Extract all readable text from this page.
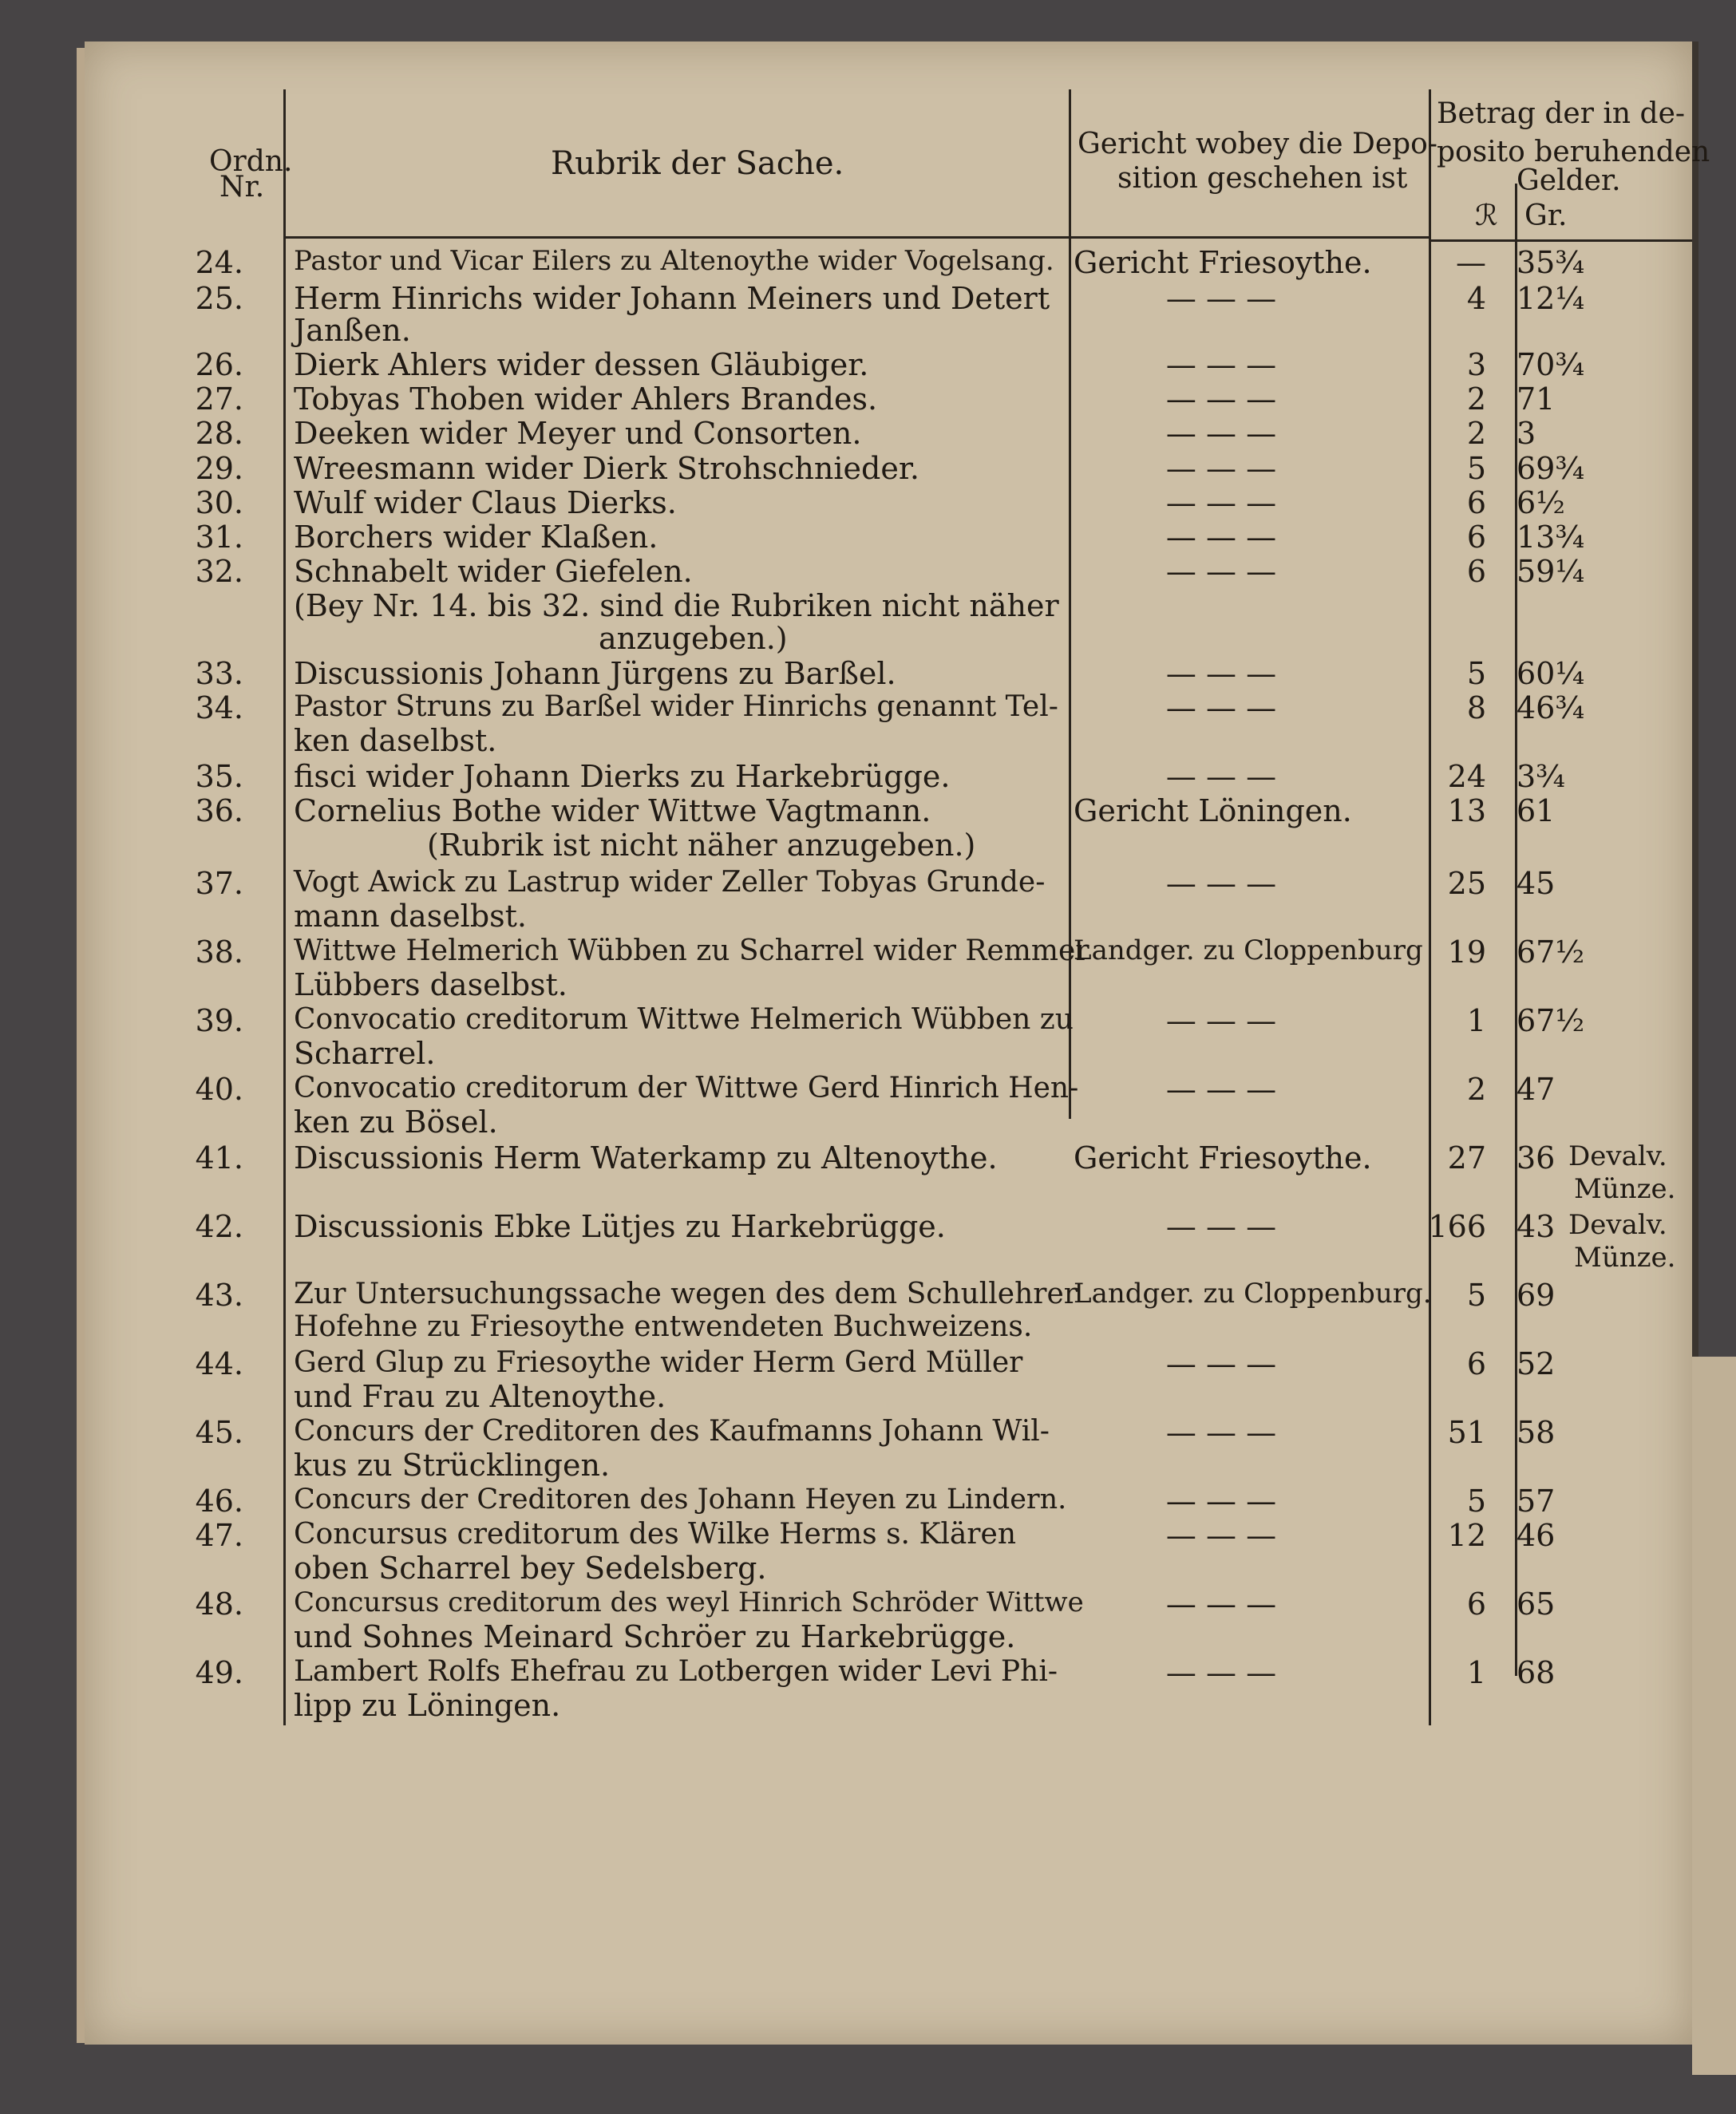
Ordn.
Nr.
Rubrik der Sache.
Gericht wobey die Depo-
sition geschehen ist
Betrag der in de-
posito beruhenden
Gelder.
ℛ Gr.
24.
25.
26.
27.
28.
29.
30.
31.
32.
33.
34.
35.
36.
37.
38.
39.
40.
41.
42.
43.
44.
45.
46.
47.
48.
49.
Pastor und Vicar Eilers zu Altenoythe wider Vogelsang.
Herm Hinrichs wider Johann Meiners und Detert
Janßen.
Dierk Ahlers wider dessen Gläubiger.
Tobyas Thoben wider Ahlers Brandes.
Deeken wider Meyer und Consorten.
Wreesmann wider Dierk Strohschnieder.
Wulf wider Claus Dierks.
Borchers wider Klaßen.
Schnabelt wider Giefelen.
(Bey Nr. 14. bis 32. sind die Rubriken nicht näher
anzugeben.)
Discussionis Johann Jürgens zu Barßel.
Pastor Struns zu Barßel wider Hinrichs genannt Tel-
ken daselbst.
fisci wider Johann Dierks zu Harkebrügge.
Cornelius Bothe wider Wittwe Vagtmann.
(Rubrik ist nicht näher anzugeben.)
Vogt Awick zu Lastrup wider Zeller Tobyas Grunde-
mann daselbst.
Wittwe Helmerich Wübben zu Scharrel wider Remmer
Lübbers daselbst.
Convocatio creditorum Wittwe Helmerich Wübben zu
Scharrel.
Convocatio creditorum der Wittwe Gerd Hinrich Hen-
ken zu Bösel.
Discussionis Herm Waterkamp zu Altenoythe.
Discussionis Ebke Lütjes zu Harkebrügge.
Zur Untersuchungssache wegen des dem Schullehrer
Hofehne zu Friesoythe entwendeten Buchweizens.
Gerd Glup zu Friesoythe wider Herm Gerd Müller
und Frau zu Altenoythe.
Concurs der Creditoren des Kaufmanns Johann Wil-
kus zu Strücklingen.
Concurs der Creditoren des Johann Heyen zu Lindern.
Concursus creditorum des Wilke Herms s. Klären
oben Scharrel bey Sedelsberg.
Concursus creditorum des weyl Hinrich Schröder Wittwe
und Sohnes Meinard Schröer zu Harkebrügge.
Lambert Rolfs Ehefrau zu Lotbergen wider Levi Phi-
lipp zu Löningen.
Gericht Friesoythe.
— — —
— — —
— — —
— — —
— — —
— — —
— — —
— — —
— — —
— — —
— — —
Gericht Löningen.
— — —
Landger. zu Cloppenburg
— — —
— — —
Gericht Friesoythe.
— — —
Landger. zu Cloppenburg.
— — —
— — —
— — —
— — —
— — —
— — —
—
4
3
2
2
5
6
6
6
5
8
24
13
25
19
1
2
27
166
5
6
51
5
12
6
1
35¾
12¼
70¾
71
3
69¾
6½
13¾
59¼
60¼
46¾
3¾
61
45
67½
67½
47
36
43
69
52
58
57
46
65
68
Devalv.
Münze.
Devalv.
Münze.
